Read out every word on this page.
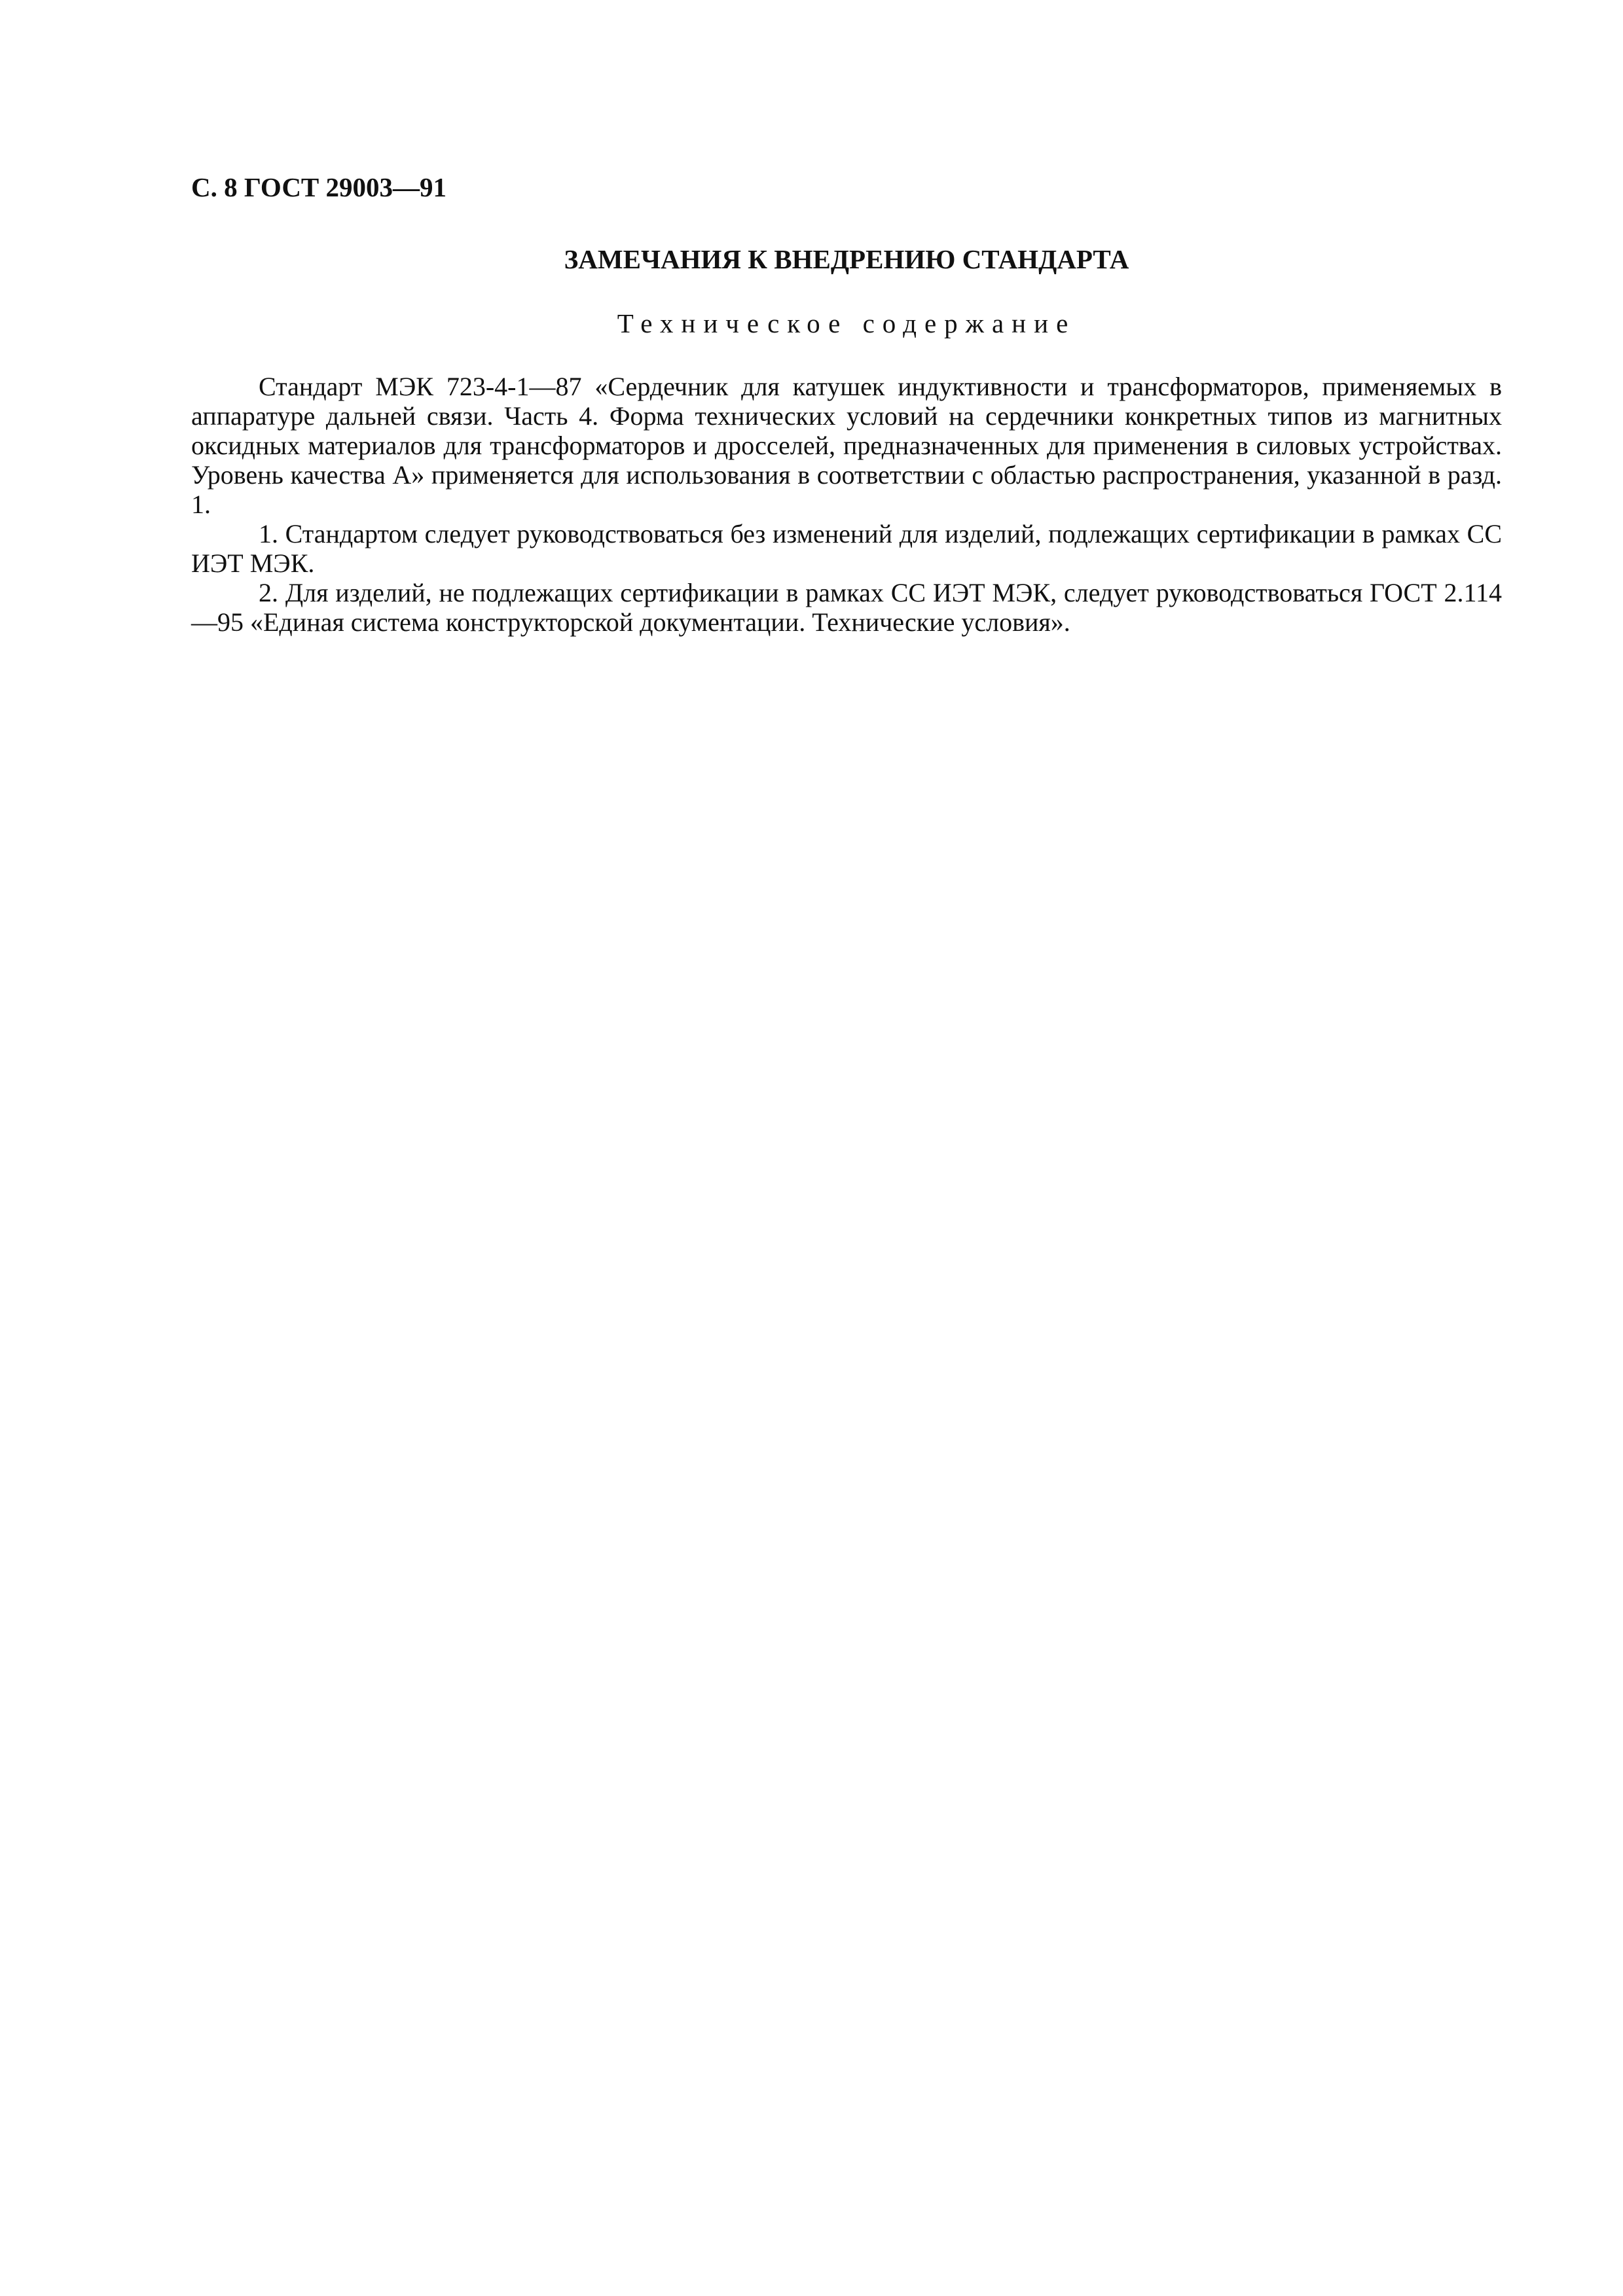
С. 8 ГОСТ 29003—91
ЗАМЕЧАНИЯ К ВНЕДРЕНИЮ СТАНДАРТА
Техническое содержание

Стандарт МЭК 723-4-1—87 «Сердечник для катушек индуктивности и трансформаторов, применяемых в аппаратуре дальней связи. Часть 4. Форма технических условий на сердечники конкретных типов из магнитных оксидных материалов для трансформаторов и дросселей, предназначенных для применения в силовых устройствах. Уровень качества А» применяется для использования в соответствии с областью распространения, указанной в разд. 1.

1. Стандартом следует руководствоваться без изменений для изделий, подлежащих сертификации в рамках СС ИЭТ МЭК.

2. Для изделий, не подлежащих сертификации в рамках СС ИЭТ МЭК, следует руководствоваться ГОСТ 2.114—95 «Единая система конструкторской документации. Технические условия».
